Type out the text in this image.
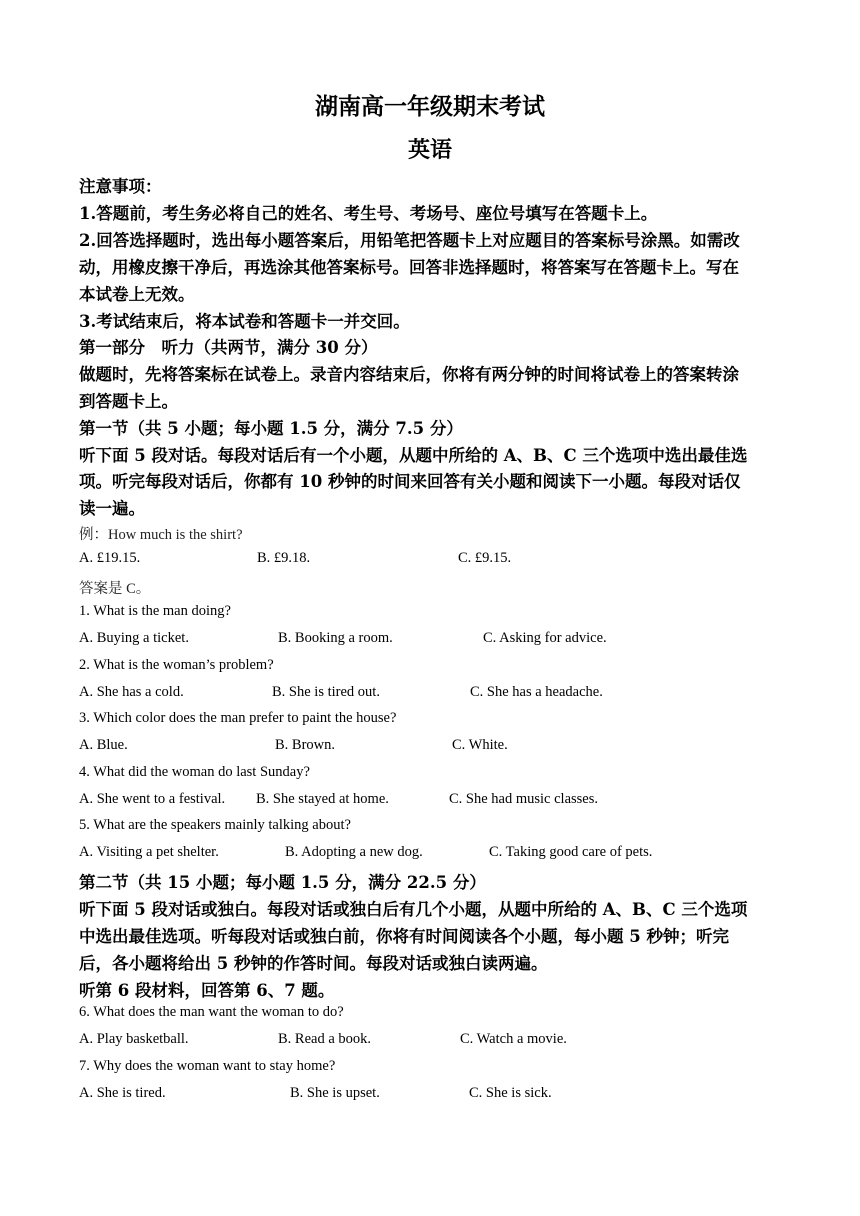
湖南高一年级期末考试
英语
注意事项：
1.答题前，考生务必将自己的姓名、考生号、考场号、座位号填写在答题卡上。
2.回答选择题时，选出每小题答案后，用铅笔把答题卡上对应题目的答案标号涂黑。如需改
动，用橡皮擦干净后，再选涂其他答案标号。回答非选择题时，将答案写在答题卡上。写在
本试卷上无效。
3.考试结束后，将本试卷和答题卡一并交回。
第一部分　听力（共两节，满分 30 分）
做题时，先将答案标在试卷上。录音内容结束后，你将有两分钟的时间将试卷上的答案转涂
到答题卡上。
第一节（共 5 小题；每小题 1.5 分，满分 7.5 分）
听下面 5 段对话。每段对话后有一个小题，从题中所给的 A、B、C 三个选项中选出最佳选
项。听完每段对话后，你都有 10 秒钟的时间来回答有关小题和阅读下一小题。每段对话仅
读一遍。
例：How much is the shirt?
A. £19.15.	B. £9.18.	C. £9.15.
答案是 C。
1. What is the man doing?
A. Buying a ticket.	B. Booking a room.	C. Asking for advice.
2. What is the woman’s problem?
A. She has a cold.	B. She is tired out.	C. She has a headache.
3. Which color does the man prefer to paint the house?
A. Blue.	B. Brown.	C. White.
4. What did the woman do last Sunday?
A. She went to a festival. B. She stayed at home.	C. She had music classes.
5. What are the speakers mainly talking about?
A. Visiting a pet shelter.	B. Adopting a new dog.	C. Taking good care of pets.
第二节（共 15 小题；每小题 1.5 分，满分 22.5 分）
听下面 5 段对话或独白。每段对话或独白后有几个小题，从题中所给的 A、B、C 三个选项
中选出最佳选项。听每段对话或独白前，你将有时间阅读各个小题，每小题 5 秒钟；听完
后，各小题将给出 5 秒钟的作答时间。每段对话或独白读两遍。
听第 6 段材料，回答第 6、7 题。
6. What does the man want the woman to do?
A. Play basketball.	B. Read a book.	C. Watch a movie.
7. Why does the woman want to stay home?
A. She is tired.	B. She is upset.	C. She is sick.
